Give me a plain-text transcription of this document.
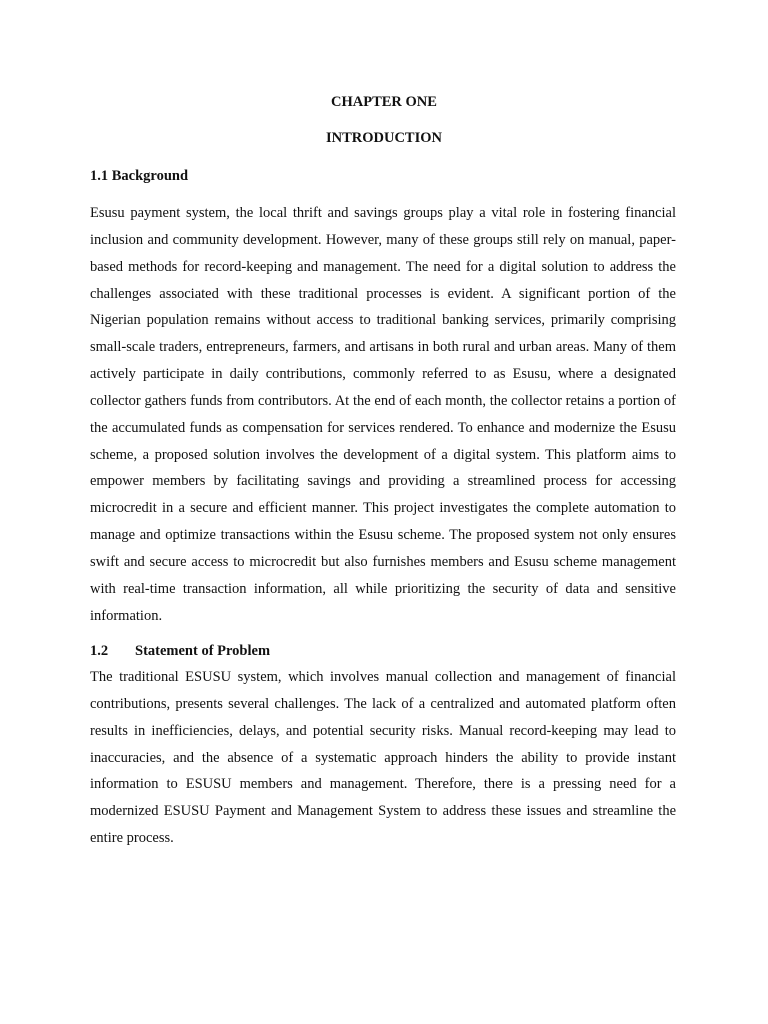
CHAPTER ONE
INTRODUCTION
1.1 Background

Esusu payment system, the local thrift and savings groups play a vital role in fostering financial inclusion and community development. However, many of these groups still rely on manual, paper-based methods for record-keeping and management. The need for a digital solution to address the challenges associated with these traditional processes is evident. A significant portion of the Nigerian population remains without access to traditional banking services, primarily comprising small-scale traders, entrepreneurs, farmers, and artisans in both rural and urban areas. Many of them actively participate in daily contributions, commonly referred to as Esusu, where a designated collector gathers funds from contributors. At the end of each month, the collector retains a portion of the accumulated funds as compensation for services rendered. To enhance and modernize the Esusu scheme, a proposed solution involves the development of a digital system. This platform aims to empower members by facilitating savings and providing a streamlined process for accessing microcredit in a secure and efficient manner. This project investigates the complete automation to manage and optimize transactions within the Esusu scheme. The proposed system not only ensures swift and secure access to microcredit but also furnishes members and Esusu scheme management with real-time transaction information, all while prioritizing the security of data and sensitive information.

1.2 Statement of Problem

The traditional ESUSU system, which involves manual collection and management of financial contributions, presents several challenges. The lack of a centralized and automated platform often results in inefficiencies, delays, and potential security risks. Manual record-keeping may lead to inaccuracies, and the absence of a systematic approach hinders the ability to provide instant information to ESUSU members and management. Therefore, there is a pressing need for a modernized ESUSU Payment and Management System to address these issues and streamline the entire process.
